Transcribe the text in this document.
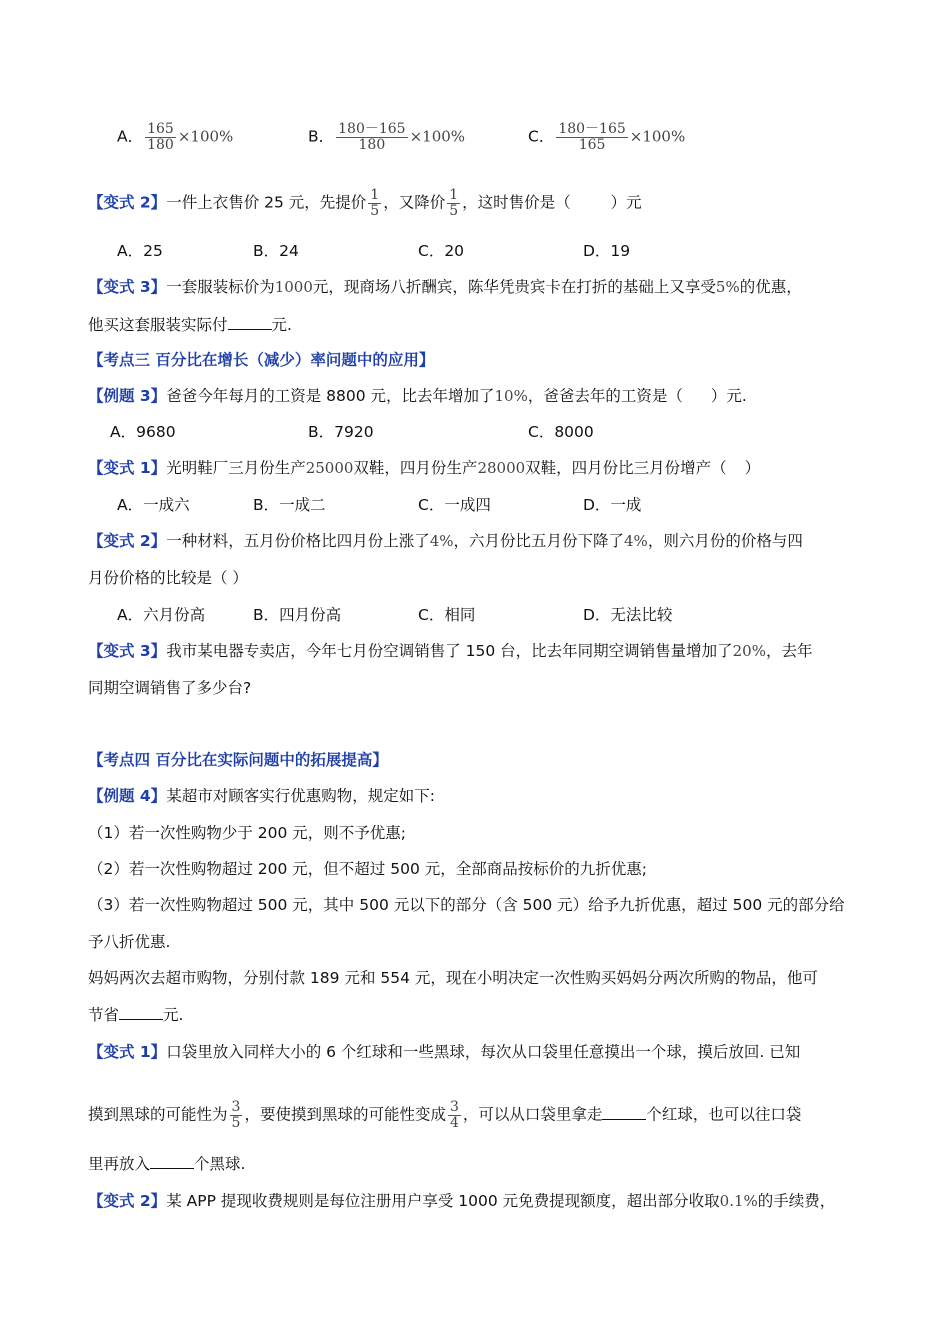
A． $\frac{165}{180} \times 100\%$	B． $\frac{180-165}{180} \times 100\%$	C． $\frac{180-165}{165} \times 100\%$
【变式 2】一件上衣售价 25 元，先提价 $\frac{1}{5}$ ，又降价 $\frac{1}{5}$ ，这时售价是（	）元
A．25	B．24	C．20	D．19
【变式 3】一套服装标价为1000元，现商场八折酬宾，陈华凭贵宾卡在打折的基础上又享受5%的优惠，
他买这套服装实际付	元.
【考点三 百分比在增长（减少）率问题中的应用】
【例题 3】爸爸今年每月的工资是 8800 元，比去年增加了10%，爸爸去年的工资是（ ）元.
A．9680	B．7920	C．8000
【变式 1】光明鞋厂三月份生产25000双鞋，四月份生产28000双鞋，四月份比三月份增产（ ）
A．一成六	B．一成二	C．一成四	D．一成
【变式 2】一种材料，五月份价格比四月份上涨了4%，六月份比五月份下降了4%，则六月份的价格与四
月份价格的比较是（ ）
A．六月份高	B．四月份高	C．相同	D．无法比较
【变式 3】我市某电器专卖店，今年七月份空调销售了 150 台，比去年同期空调销售量增加了20%，去年
同期空调销售了多少台?
【考点四 百分比在实际问题中的拓展提高】
【例题 4】某超市对顾客实行优惠购物，规定如下:
（1）若一次性购物少于 200 元，则不予优惠;
（2）若一次性购物超过 200 元，但不超过 500 元，全部商品按标价的九折优惠;
（3）若一次性购物超过 500 元，其中 500 元以下的部分（含 500 元）给予九折优惠，超过 500 元的部分给
予八折优惠.
妈妈两次去超市购物，分别付款 189 元和 554 元，现在小明决定一次性购买妈妈分两次所购的物品，他可
节省	元.
【变式 1】口袋里放入同样大小的 6 个红球和一些黑球，每次从口袋里任意摸出一个球，摸后放回. 已知
摸到黑球的可能性为 $\frac{3}{5}$ ，要使摸到黑球的可能性变成 $\frac{3}{4}$ ，可以从口袋里拿走	个红球，也可以往口袋
里再放入	个黑球.
【变式 2】某 APP 提现收费规则是每位注册用户享受 1000 元免费提现额度，超出部分收取0.1%的手续费，
